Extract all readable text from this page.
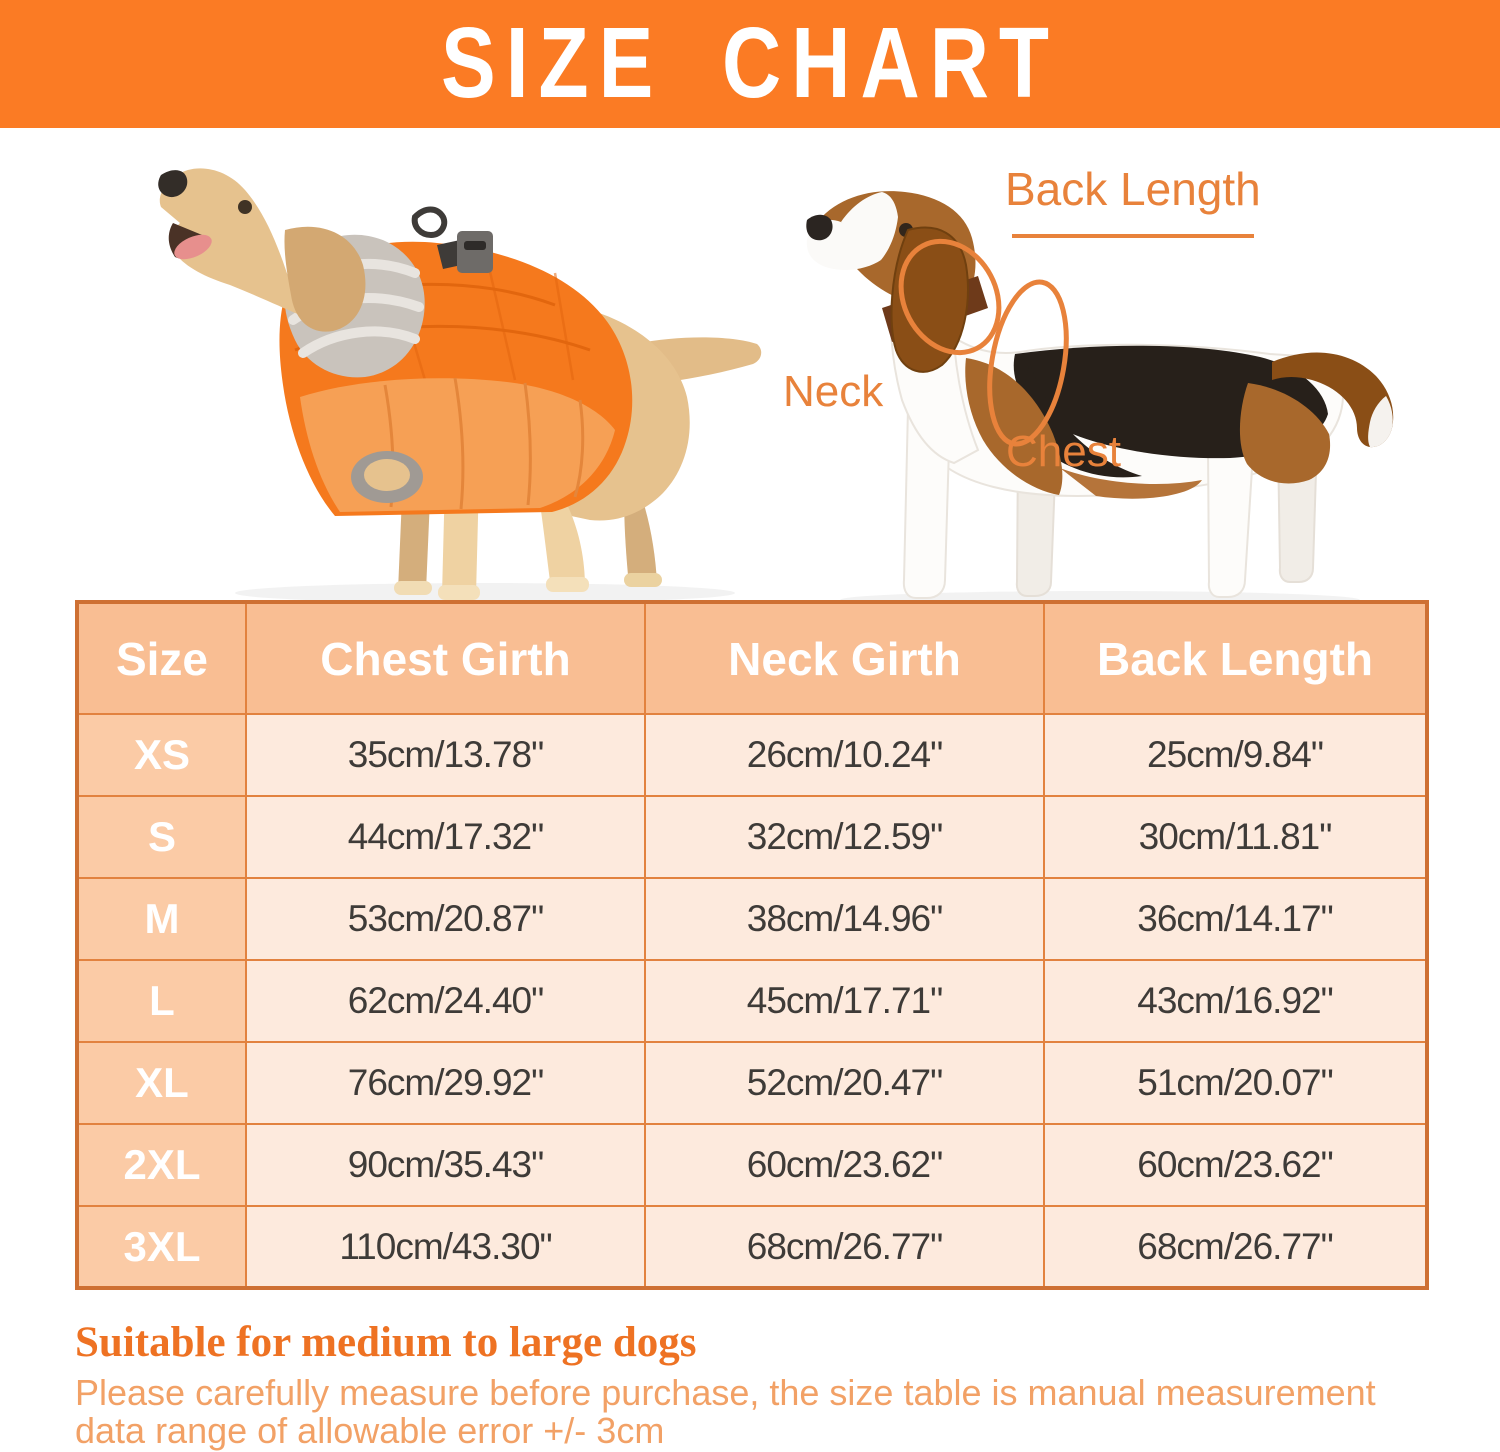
SIZE CHART
Back Length
Neck
Chest
Size	Chest Girth	Neck Girth	Back Length
XS	35cm/13.78"	26cm/10.24"	25cm/9.84"
S	44cm/17.32"	32cm/12.59"	30cm/11.81"
M	53cm/20.87"	38cm/14.96"	36cm/14.17"
L	62cm/24.40"	45cm/17.71"	43cm/16.92"
XL	76cm/29.92"	52cm/20.47"	51cm/20.07"
2XL	90cm/35.43"	60cm/23.62"	60cm/23.62"
3XL	110cm/43.30"	68cm/26.77"	68cm/26.77"
Suitable for medium to large dogs
Please carefully measure before purchase, the size table is manual measurement
data range of allowable error +/- 3cm
